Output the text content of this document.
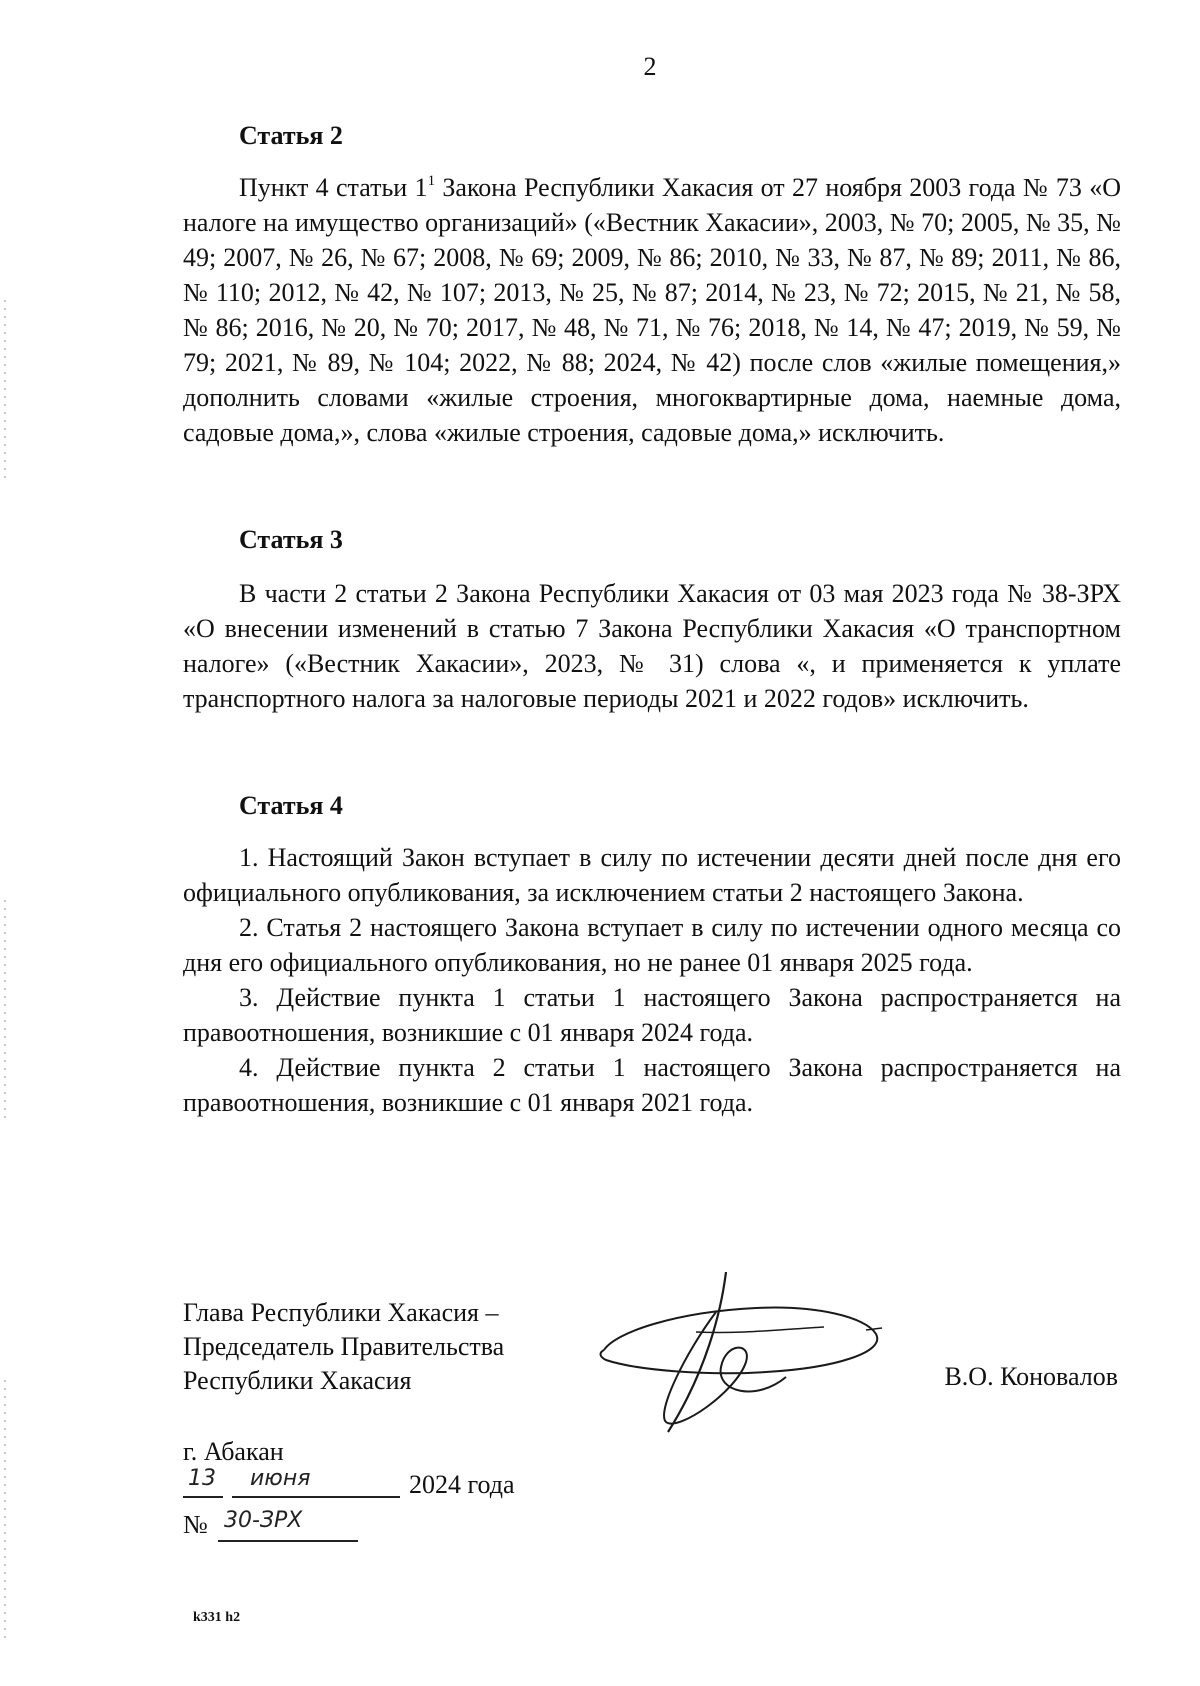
2

Статья 2

Пункт 4 статьи $1^1$ Закона Республики Хакасия от 27 ноября 2003 года № 73 «О налоге на имущество организаций» («Вестник Хакасии», 2003, № 70; 2005, № 35, № 49; 2007, № 26, № 67; 2008, № 69; 2009, № 86; 2010, № 33, № 87, № 89; 2011, № 86, № 110; 2012, № 42, № 107; 2013, № 25, № 87; 2014, № 23, № 72; 2015, № 21, № 58, № 86; 2016, № 20, № 70; 2017, № 48, № 71, № 76; 2018, № 14, № 47; 2019, № 59, № 79; 2021, № 89, № 104; 2022, № 88; 2024, № 42) после слов «жилые помещения,» дополнить словами «жилые строения, многоквартирные дома, наемные дома, садовые дома,», слова «жилые строения, садовые дома,» исключить.

Статья 3

В части 2 статьи 2 Закона Республики Хакасия от 03 мая 2023 года № 38-ЗРХ «О внесении изменений в статью 7 Закона Республики Хакасия «О транспортном налоге» («Вестник Хакасии», 2023, № 31) слова «, и применяется к уплате транспортного налога за налоговые периоды 2021 и 2022 годов» исключить.

Статья 4

1. Настоящий Закон вступает в силу по истечении десяти дней после дня его официального опубликования, за исключением статьи 2 настоящего Закона.

2. Статья 2 настоящего Закона вступает в силу по истечении одного месяца со дня его официального опубликования, но не ранее 01 января 2025 года.

3. Действие пункта 1 статьи 1 настоящего Закона распространяется на правоотношения, возникшие с 01 января 2024 года.

4. Действие пункта 2 статьи 1 настоящего Закона распространяется на правоотношения, возникшие с 01 января 2021 года.

Глава Республики Хакасия –
Председатель Правительства
Республики Хакасия	В.О. Коновалов
г. Абакан
13 июня	2024 года
№ 30-ЗРХ
k331 h2
